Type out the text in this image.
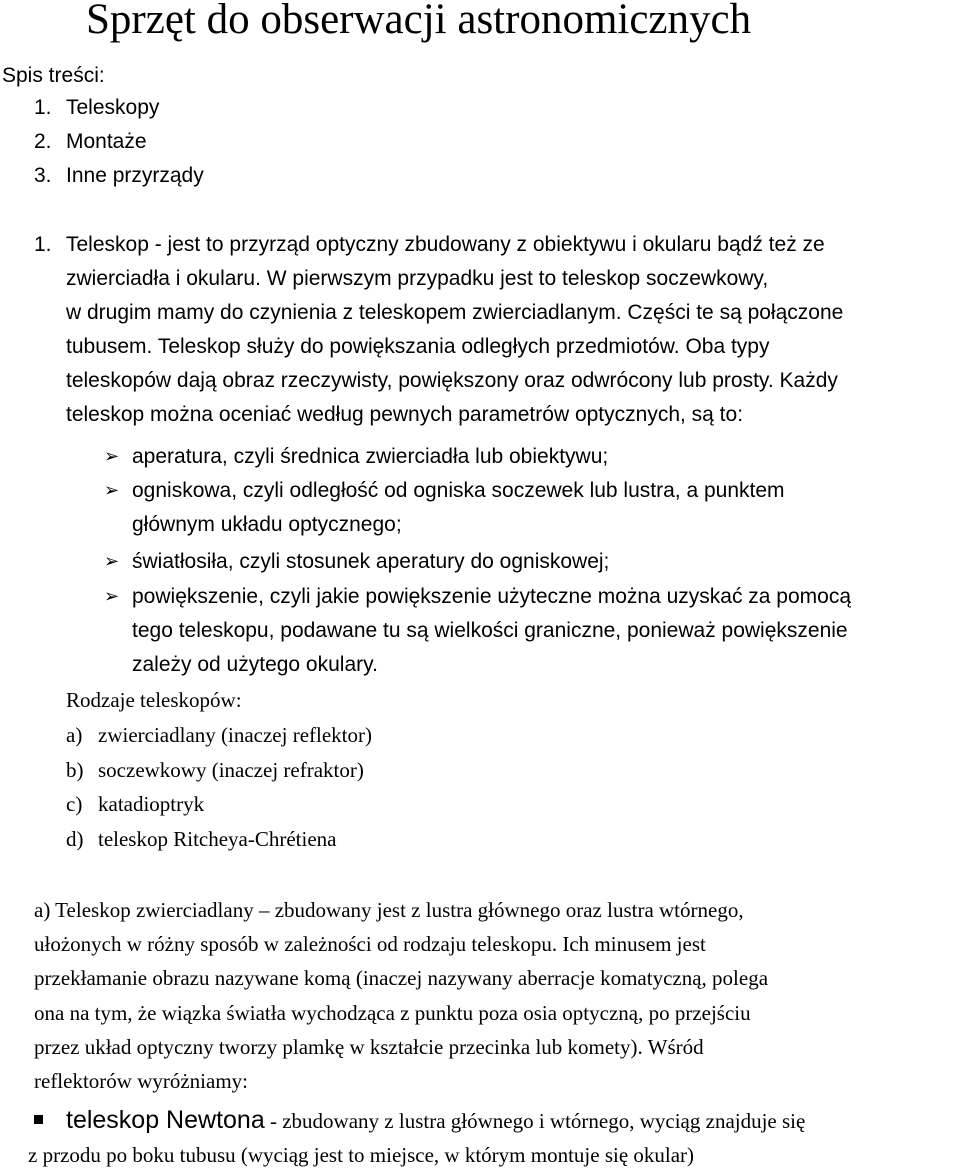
Sprzęt do obserwacji astronomicznych
Spis treści:
1. Teleskopy
2. Montaże
3. Inne przyrządy
1. Teleskop - jest to przyrząd optyczny zbudowany z obiektywu i okularu bądź też ze
zwierciadła i okularu. W pierwszym przypadku jest to teleskop soczewkowy,
w drugim mamy do czynienia z teleskopem zwierciadlanym. Części te są połączone
tubusem. Teleskop służy do powiększania odległych przedmiotów. Oba typy
teleskopów dają obraz rzeczywisty, powiększony oraz odwrócony lub prosty. Każdy
teleskop można oceniać według pewnych parametrów optycznych, są to:
➢ aperatura, czyli średnica zwierciadła lub obiektywu;
➢ ogniskowa, czyli odległość od ogniska soczewek lub lustra, a punktem
głównym układu optycznego;
➢ światłosiła, czyli stosunek aperatury do ogniskowej;
➢ powiększenie, czyli jakie powiększenie użyteczne można uzyskać za pomocą
tego teleskopu, podawane tu są wielkości graniczne, ponieważ powiększenie
zależy od użytego okulary.
Rodzaje teleskopów:
a) zwierciadlany (inaczej reflektor)
b) soczewkowy (inaczej refraktor)
c) katadioptryk
d) teleskop Ritcheya-Chrétiena
a) Teleskop zwierciadlany – zbudowany jest z lustra głównego oraz lustra wtórnego,
ułożonych w różny sposób w zależności od rodzaju teleskopu. Ich minusem jest
przekłamanie obrazu nazywane komą (inaczej nazywany aberracje komatyczną, polega
ona na tym, że wiązka światła wychodząca z punktu poza osia optyczną, po przejściu
przez układ optyczny tworzy plamkę w kształcie przecinka lub komety). Wśród
reflektorów wyróżniamy:
teleskop Newtona - zbudowany z lustra głównego i wtórnego, wyciąg znajduje się
z przodu po boku tubusu (wyciąg jest to miejsce, w którym montuje się okular)
